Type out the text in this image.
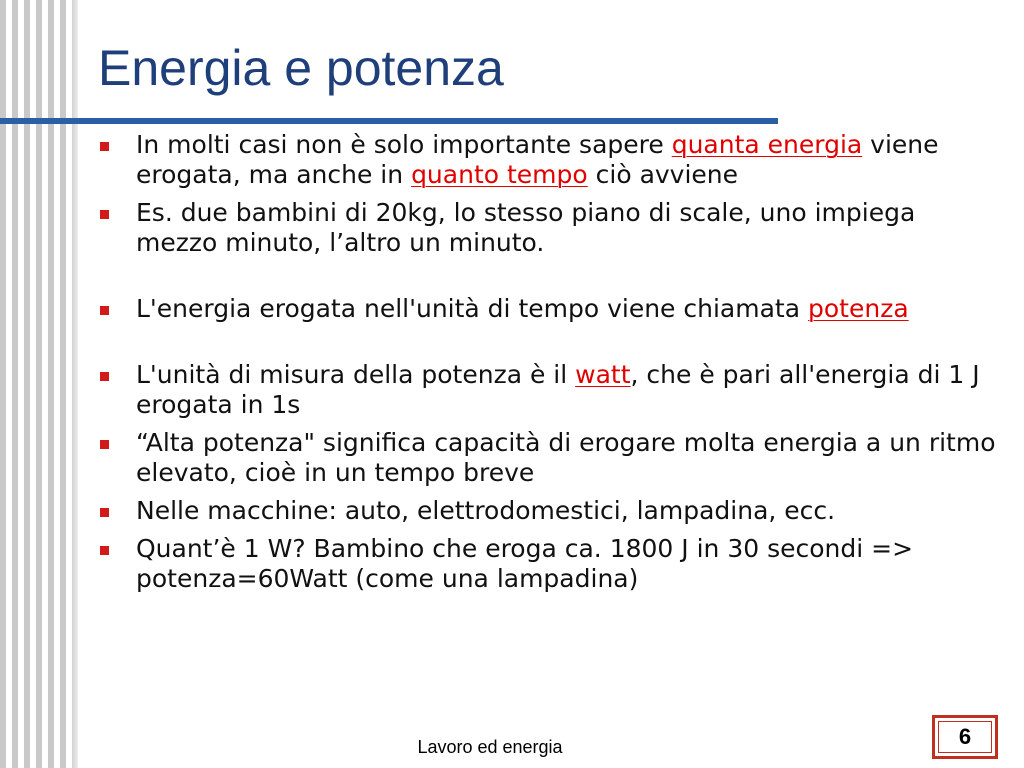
Energia e potenza
In molti casi non è solo importante sapere quanta energia viene erogata, ma anche in quanto tempo ciò avviene
Es. due bambini di 20kg, lo stesso piano di scale, uno impiega mezzo minuto, l’altro un minuto.
L'energia erogata nell'unità di tempo viene chiamata potenza
L'unità di misura della potenza è il watt, che è pari all'energia di 1 J erogata in 1s
“Alta potenza" significa capacità di erogare molta energia a un ritmo elevato, cioè in un tempo breve
Nelle macchine: auto, elettrodomestici, lampadina, ecc.
Quant’è 1 W? Bambino che eroga ca. 1800 J in 30 secondi => potenza=60Watt (come una lampadina)
Lavoro ed energia	6
